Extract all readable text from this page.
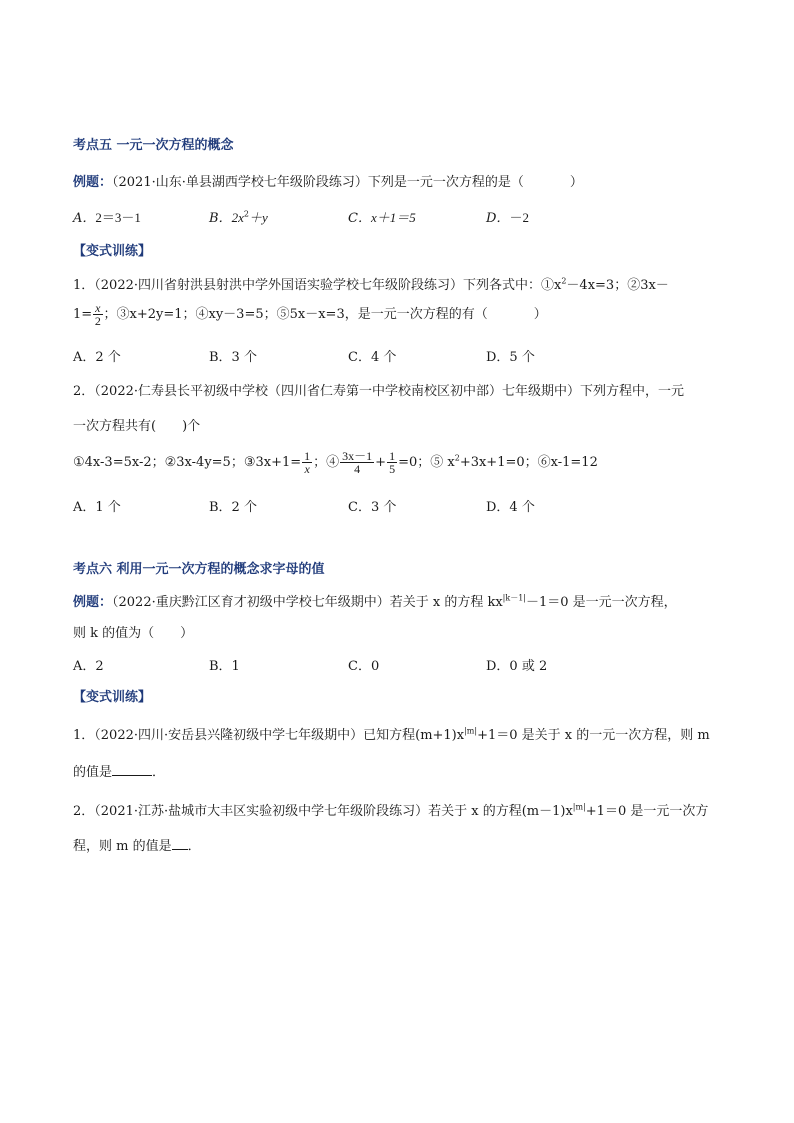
考点五 一元一次方程的概念
例题：（2021·山东·单县湖西学校七年级阶段练习）下列是一元一次方程的是（	）
A．2＝3－1	B．$2x^2+y$	C．x＋1＝5	D．－2
【变式训练】
1．（2022·四川省射洪县射洪中学外国语实验学校七年级阶段练习）下列各式中：$①x^2-4x=3$；②3x－
$1= \frac{x}{2}$ ；③x+2y=1；④xy－3=5；⑤5x－x=3，是一元一次方程的有（	）
A．2 个	B．3 个	C．4 个	D．5 个
2．（2022·仁寿县长平初级中学校（四川省仁寿第一中学校南校区初中部）七年级期中）下列方程中，一元
一次方程共有(　　)个
①4x-3=5x-2；②3x-4y=5；③3x+1= $\frac{1}{x}$ ；④ $\frac{3x-1}{4} + \frac{1}{5} =0$；⑤ $x^2+3x+1=0$；⑥x-1=12
A．1 个	B．2 个	C．3 个	D．4 个
考点六 利用一元一次方程的概念求字母的值
例题：（2022·重庆黔江区育才初级中学校七年级期中）若关于 x 的方程 $kx^{|k-1|}-1=0$ 是一元一次方程，
则 k 的值为（　　）
A．2	B．1	C．0	D．0 或 2
【变式训练】
1．（2022·四川·安岳县兴隆初级中学七年级期中）已知方程$(m+1)x^{|m|}+1=0$ 是关于 x 的一元一次方程，则 m
的值是	．
2．（2021·江苏·盐城市大丰区实验初级中学七年级阶段练习）若关于 x 的方程$(m-1)x^{|m|}+1=0$ 是一元一次方
程，则 m 的值是 ．
